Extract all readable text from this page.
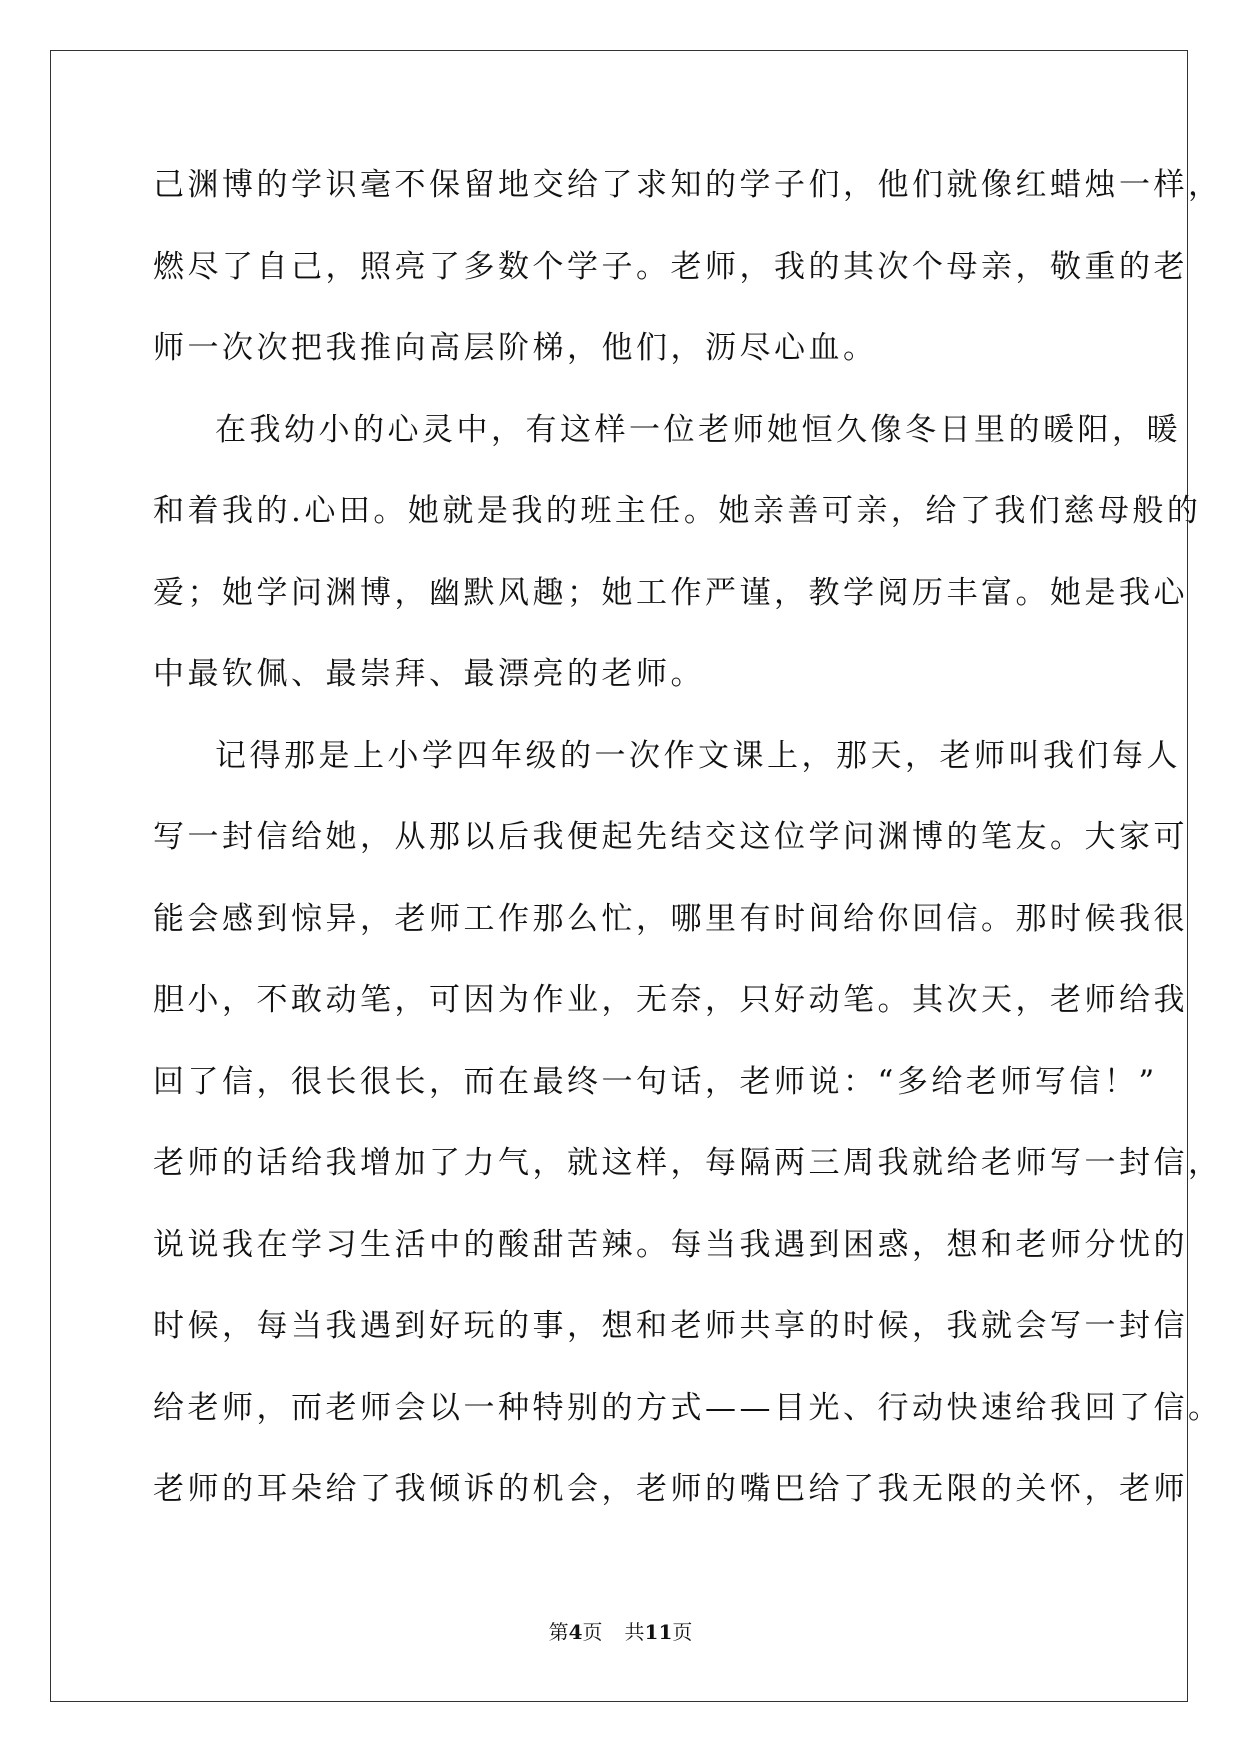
己渊博的学识毫不保留地交给了求知的学子们，他们就像红蜡烛一样，
燃尽了自己，照亮了多数个学子。老师，我的其次个母亲，敬重的老
师一次次把我推向高层阶梯，他们，沥尽心血。
在我幼小的心灵中，有这样一位老师她恒久像冬日里的暖阳，暖
和着我的.心田。她就是我的班主任。她亲善可亲，给了我们慈母般的
爱；她学问渊博，幽默风趣；她工作严谨，教学阅历丰富。她是我心
中最钦佩、最崇拜、最漂亮的老师。
记得那是上小学四年级的一次作文课上，那天，老师叫我们每人
写一封信给她，从那以后我便起先结交这位学问渊博的笔友。大家可
能会感到惊异，老师工作那么忙，哪里有时间给你回信。那时候我很
胆小，不敢动笔，可因为作业，无奈，只好动笔。其次天，老师给我
回了信，很长很长，而在最终一句话，老师说：“多给老师写信！”
老师的话给我增加了力气，就这样，每隔两三周我就给老师写一封信，
说说我在学习生活中的酸甜苦辣。每当我遇到困惑，想和老师分忧的
时候，每当我遇到好玩的事，想和老师共享的时候，我就会写一封信
给老师，而老师会以一种特别的方式——目光、行动快速给我回了信。
老师的耳朵给了我倾诉的机会，老师的嘴巴给了我无限的关怀，老师
第4页 共11页
